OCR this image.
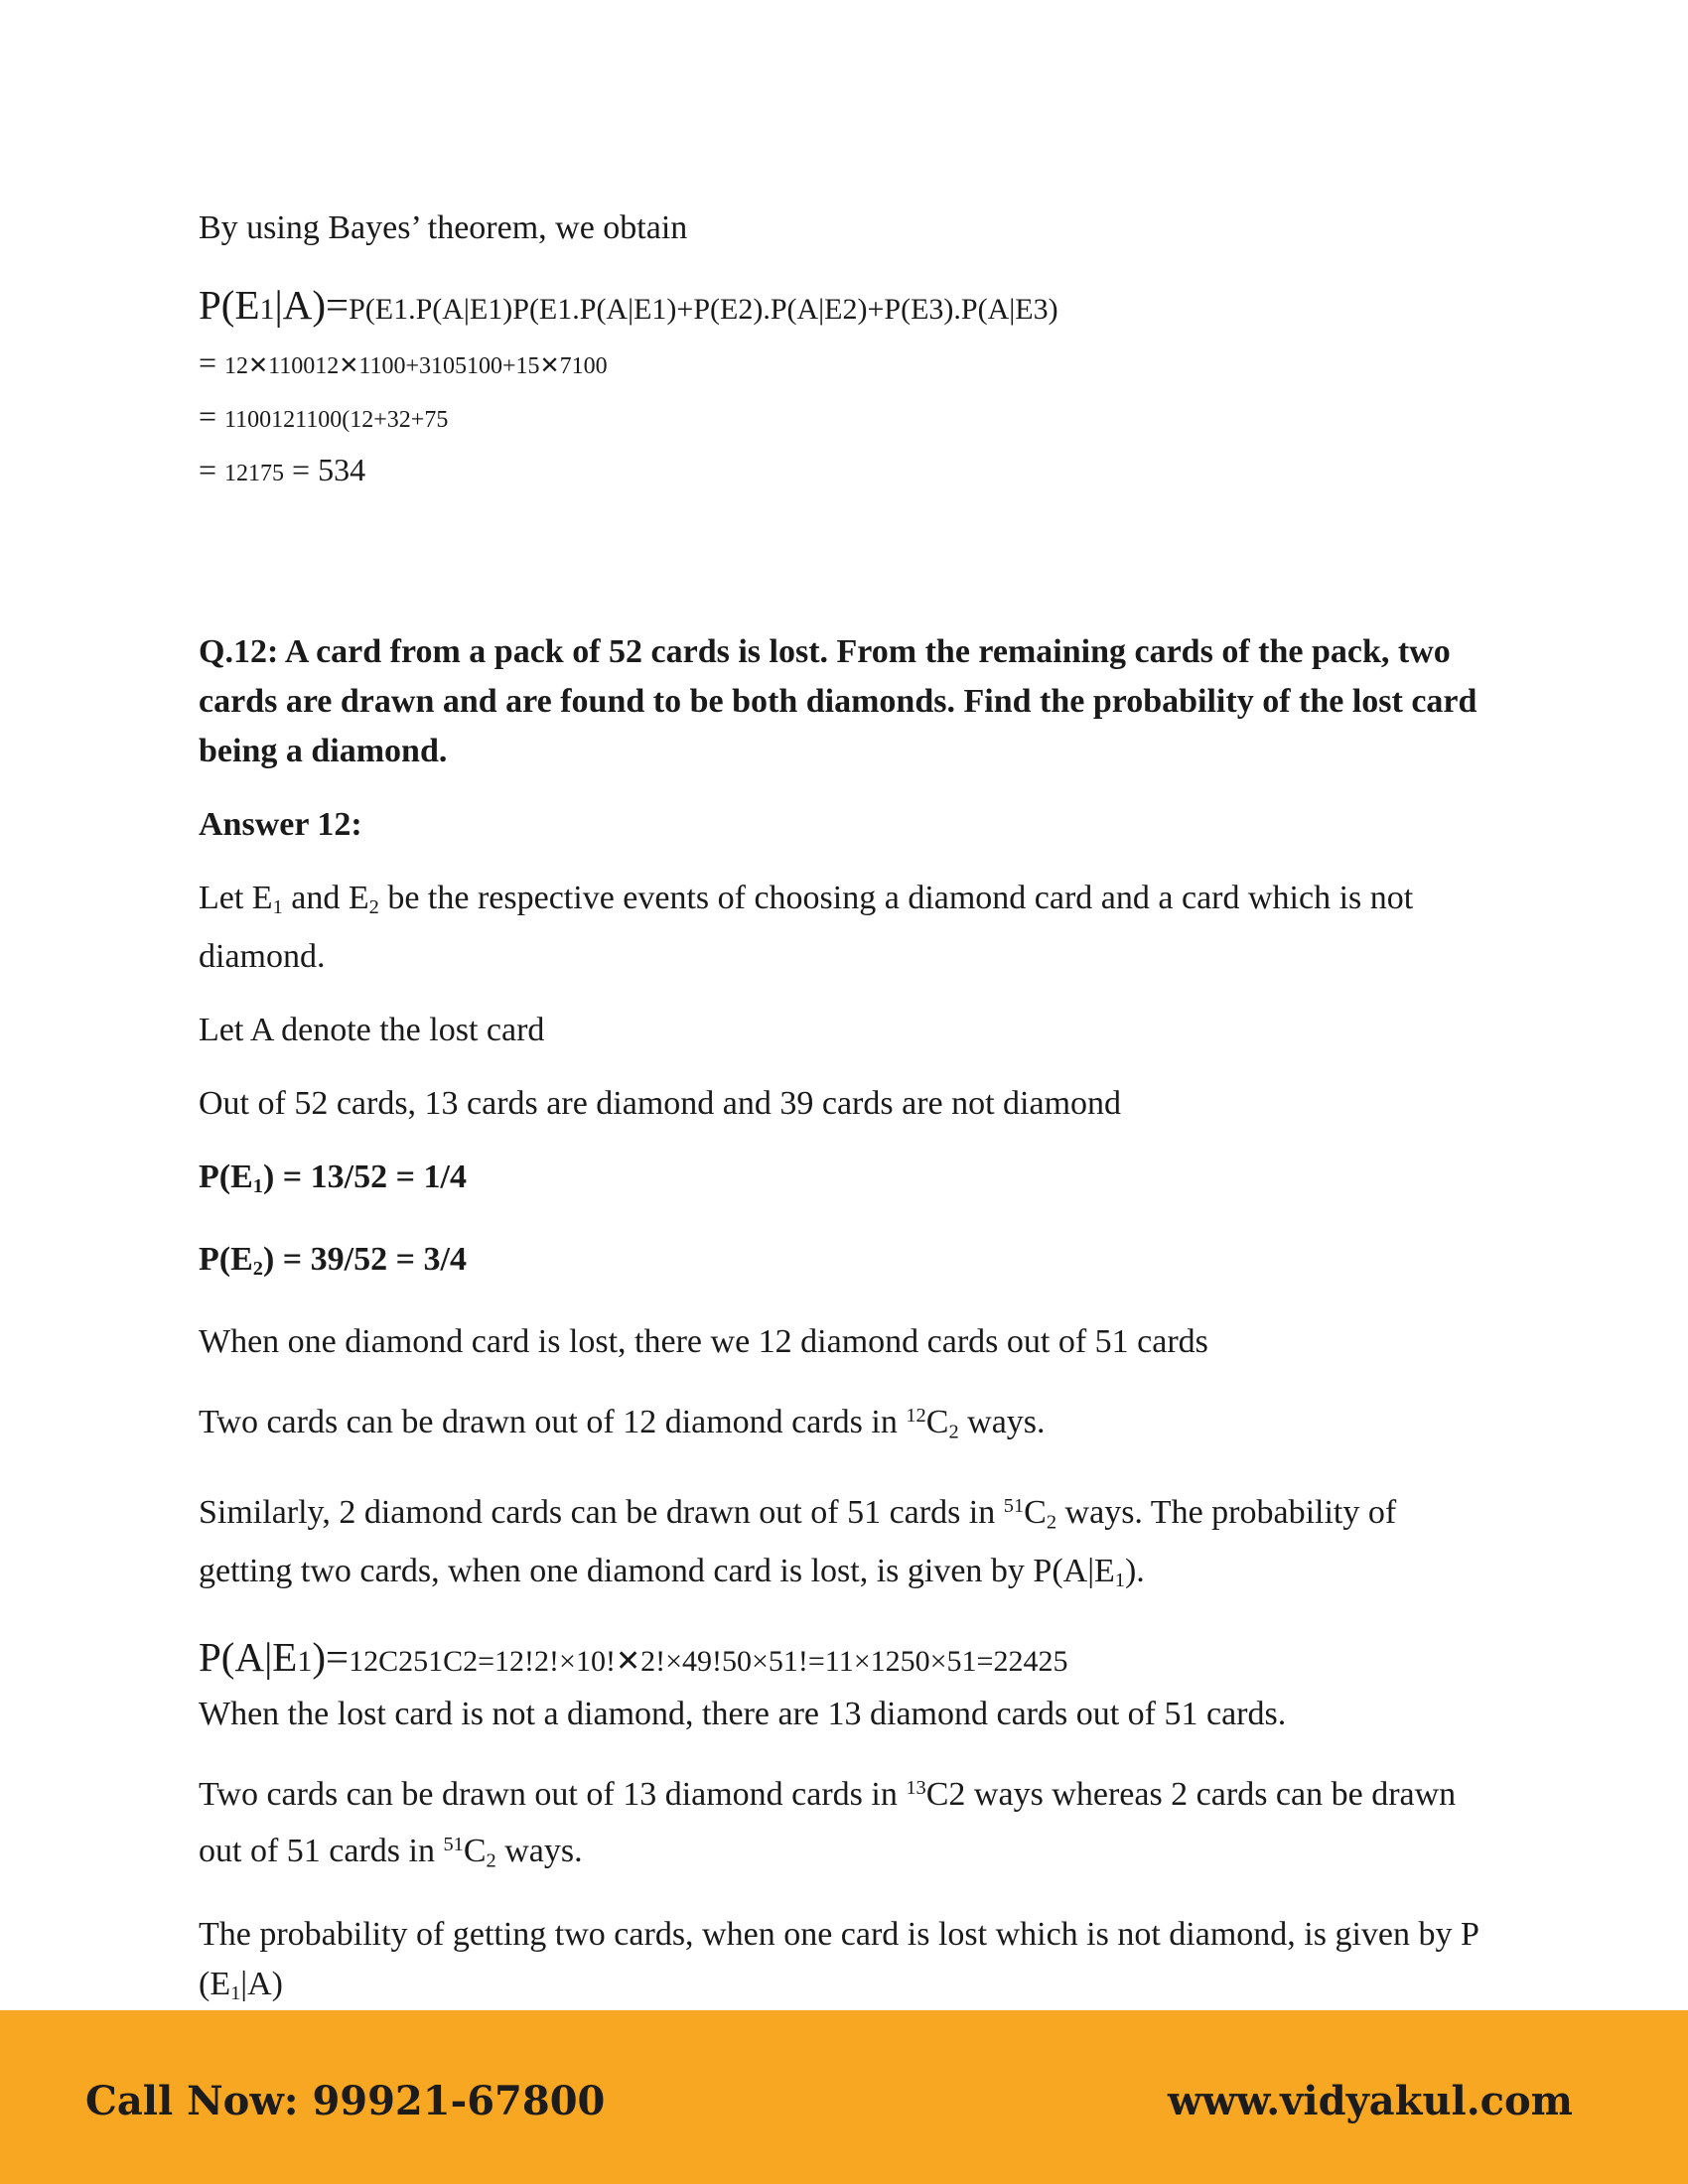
By using Bayes’ theorem, we obtain

P(E1|A)=P(E1.P(A|E1)P(E1.P(A|E1)+P(E2).P(A|E2)+P(E3).P(A|E3)

= 12✕110012✕1100+3105100+15✕7100

= 1100121100(12+32+75

= 12175 = 534

Q.12: A card from a pack of 52 cards is lost. From the remaining cards of the pack, two cards are drawn and are found to be both diamonds. Find the probability of the lost card being a diamond.

Answer 12:

Let $E_1$ and $E_2$ be the respective events of choosing a diamond card and a card which is not diamond.

Let A denote the lost card

Out of 52 cards, 13 cards are diamond and 39 cards are not diamond

$P(E_1) = 13/52 = 1/4$

$P(E_2) = 39/52 = 3/4$

When one diamond card is lost, there we 12 diamond cards out of 51 cards

Two cards can be drawn out of 12 diamond cards in $^{12}C_2$ ways.

Similarly, 2 diamond cards can be drawn out of 51 cards in $^{51}C_2$ ways. The probability of getting two cards, when one diamond card is lost, is given by $P(A|E_1)$.

P(A|E1)=12C251C2=12!2!×10!✕2!×49!50×51!=11×1250×51=22425

When the lost card is not a diamond, there are 13 diamond cards out of 51 cards.

Two cards can be drawn out of 13 diamond cards in $^{13}$C2 ways whereas 2 cards can be drawn out of 51 cards in $^{51}C_2$ ways.

The probability of getting two cards, when one card is lost which is not diamond, is given by P $(E_1|A)$

Call Now: 99921-67800	www.vidyakul.com
